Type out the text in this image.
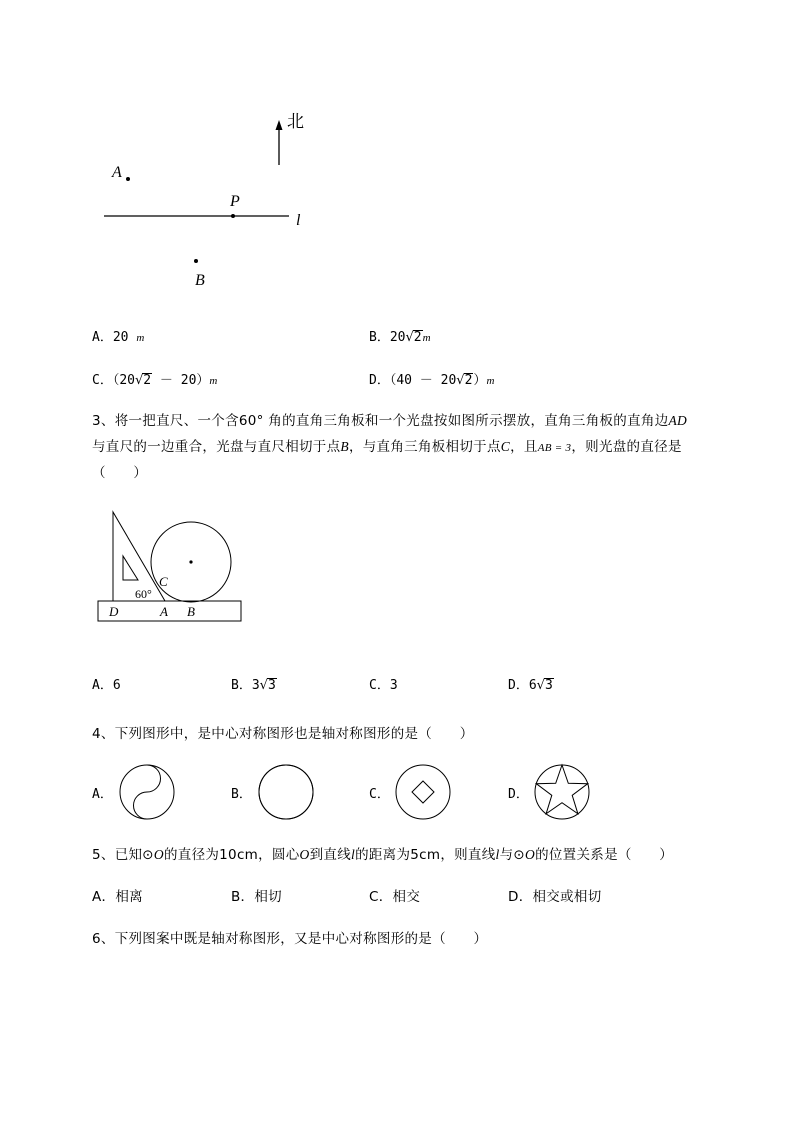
北
A
P
l
B
A．20 m	B．20√2m
C．（20√2 － 20）m	D．（40 － 20√2）m
3、将一把直尺、一个含60° 角的直角三角板和一个光盘按如图所示摆放，直角三角板的直角边AD
与直尺的一边重合，光盘与直尺相切于点B，与直角三角板相切于点C，且AB = 3，则光盘的直径是
（　　）
C
60°
D	A B
A．6	B．3√3	C．3	D．6√3
4、下列图形中，是中心对称图形也是轴对称图形的是（　　）
A．	B．	C．	D．
5、已知⊙O的直径为10cm，圆心O到直线l的距离为5cm，则直线l与⊙O的位置关系是（　　）
A．相离	B．相切	C．相交	D．相交或相切
6、下列图案中既是轴对称图形，又是中心对称图形的是（　　）
